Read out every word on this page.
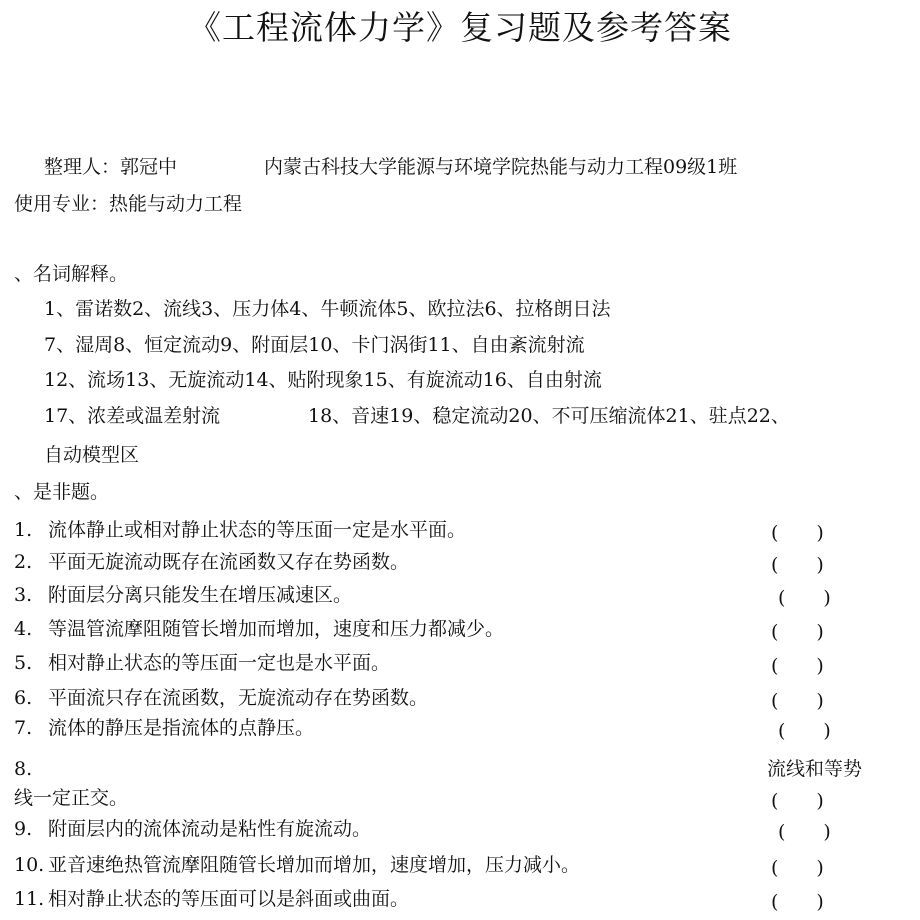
《工程流体力学》复习题及参考答案
整理人：郭冠中	内蒙古科技大学能源与环境学院热能与动力工程09级1班
使用专业：热能与动力工程
、名词解释。
1、雷诺数2、流线3、压力体4、牛顿流体5、欧拉法6、拉格朗日法
7、湿周8、恒定流动9、附面层10、卡门涡街11、自由紊流射流
12、流场13、无旋流动14、贴附现象15、有旋流动16、自由射流
17、浓差或温差射流	18、音速19、稳定流动20、不可压缩流体21、驻点22、
自动模型区
、是非题。
1. 流体静止或相对静止状态的等压面一定是水平面。	(　　)
2. 平面无旋流动既存在流函数又存在势函数。	(　　)
3. 附面层分离只能发生在增压减速区。	(　　)
4. 等温管流摩阻随管长增加而增加，速度和压力都减少。	(　　)
5. 相对静止状态的等压面一定也是水平面。	(　　)
6. 平面流只存在流函数，无旋流动存在势函数。	(　　)
7. 流体的静压是指流体的点静压。	(　　)
8.	流线和等势
线一定正交。	(　　)
9. 附面层内的流体流动是粘性有旋流动。	(　　)
10. 亚音速绝热管流摩阻随管长增加而增加，速度增加，压力减小。	(　　)
11. 相对静止状态的等压面可以是斜面或曲面。	(　　)
